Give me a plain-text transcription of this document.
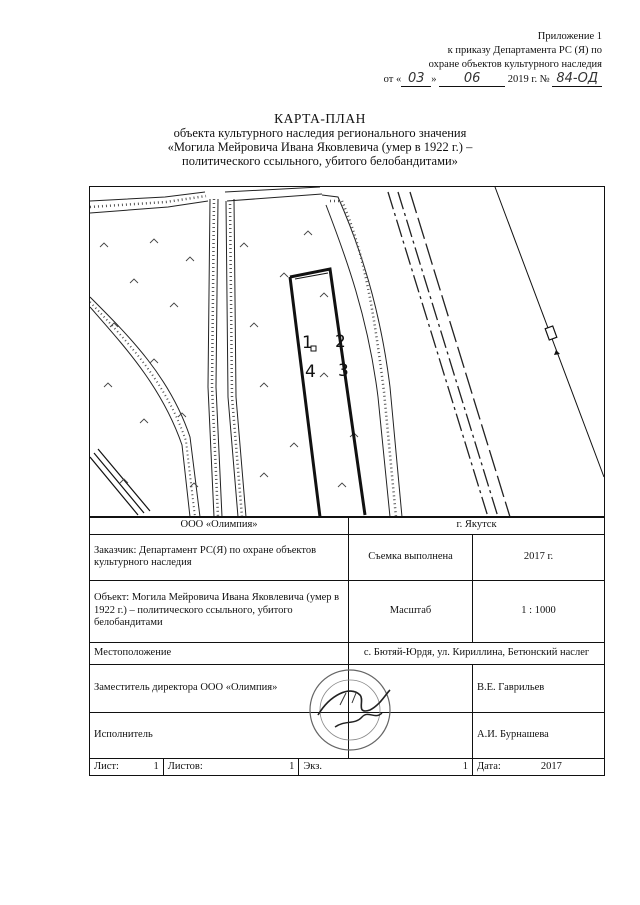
Приложение 1
к приказу Департамента РС (Я) по
охране объектов культурного наследия
от « 03 » 06	2019 г. № 84-ОД
КАРТА-ПЛАН
объекта культурного наследия регионального значения
«Могила Мейровича Ивана Яковлевича (умер в 1922 г.) –
политического ссыльного, убитого белобандитами»
1 2
3
4
ООО «Олимпия»			г. Якутск	
Заказчик: Департамент РС(Я) по охране объектов культурного наследия			Съемка выполнена	2017 г.
Объект: Могила Мейровича Ивана Яковлевича (умер в 1922 г.) – политического ссыльного, убитого белобандитами			Масштаб	1 : 1000
Местоположение			с. Бютяй-Юрдя, ул. Кириллина, Бетюнский наслег	
Заместитель директора ООО «Олимпия»				В.Е. Гаврильев
Исполнитель				А.И. Бурнашева
Лист: 1	Листов: 1	Экз. 1		Дата: 2017
